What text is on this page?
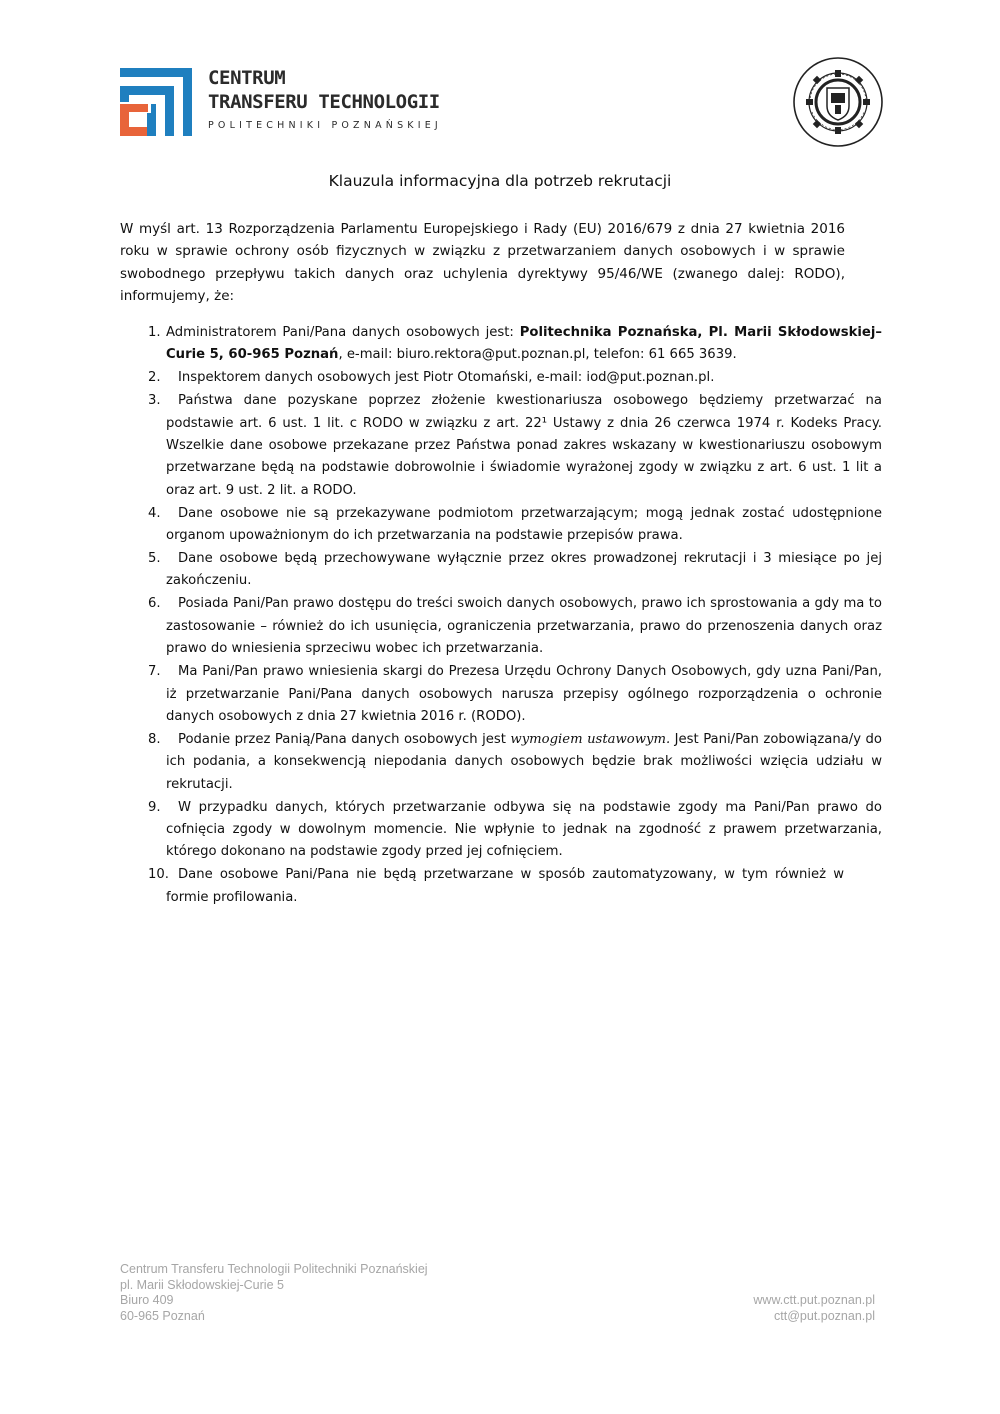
CENTRUM
TRANSFERU TECHNOLOGII
POLITECHNIKI POZNAŃSKIEJ
Klauzula informacyjna dla potrzeb rekrutacji
W myśl art. 13 Rozporządzenia Parlamentu Europejskiego i Rady (EU) 2016/679 z dnia 27 kwietnia 2016 roku w sprawie ochrony osób fizycznych w związku z przetwarzaniem danych osobowych i w sprawie swobodnego przepływu takich danych oraz uchylenia dyrektywy 95/46/WE (zwanego dalej: RODO), informujemy, że:
1. Administratorem Pani/Pana danych osobowych jest: Politechnika Poznańska, Pl. Marii Skłodowskiej–Curie 5, 60-965 Poznań, e-mail: biuro.rektora@put.poznan.pl, telefon: 61 665 3639.
2. Inspektorem danych osobowych jest Piotr Otomański, e-mail: iod@put.poznan.pl.
3. Państwa dane pozyskane poprzez złożenie kwestionariusza osobowego będziemy przetwarzać na podstawie art. 6 ust. 1 lit. c RODO w związku z art. 22¹ Ustawy z dnia 26 czerwca 1974 r. Kodeks Pracy. Wszelkie dane osobowe przekazane przez Państwa ponad zakres wskazany w kwestionariuszu osobowym przetwarzane będą na podstawie dobrowolnie i świadomie wyrażonej zgody w związku z art. 6 ust. 1 lit a oraz art. 9 ust. 2 lit. a RODO.
4. Dane osobowe nie są przekazywane podmiotom przetwarzającym; mogą jednak zostać udostępnione organom upoważnionym do ich przetwarzania na podstawie przepisów prawa.
5. Dane osobowe będą przechowywane wyłącznie przez okres prowadzonej rekrutacji i 3 miesiące po jej zakończeniu.
6. Posiada Pani/Pan prawo dostępu do treści swoich danych osobowych, prawo ich sprostowania a gdy ma to zastosowanie – również do ich usunięcia, ograniczenia przetwarzania, prawo do przenoszenia danych oraz prawo do wniesienia sprzeciwu wobec ich przetwarzania.
7. Ma Pani/Pan prawo wniesienia skargi do Prezesa Urzędu Ochrony Danych Osobowych, gdy uzna Pani/Pan, iż przetwarzanie Pani/Pana danych osobowych narusza przepisy ogólnego rozporządzenia o ochronie danych osobowych z dnia 27 kwietnia 2016 r. (RODO).
8. Podanie przez Panią/Pana danych osobowych jest wymogiem ustawowym. Jest Pani/Pan zobowiązana/y do ich podania, a konsekwencją niepodania danych osobowych będzie brak możliwości wzięcia udziału w rekrutacji.
9. W przypadku danych, których przetwarzanie odbywa się na podstawie zgody ma Pani/Pan prawo do cofnięcia zgody w dowolnym momencie. Nie wpłynie to jednak na zgodność z prawem przetwarzania, którego dokonano na podstawie zgody przed jej cofnięciem.
10. Dane osobowe Pani/Pana nie będą przetwarzane w sposób zautomatyzowany, w tym również w formie profilowania.
Centrum Transferu Technologii Politechniki Poznańskiej
pl. Marii Skłodowskiej-Curie 5
Biuro 409
60-965 Poznań
www.ctt.put.poznan.pl
ctt@put.poznan.pl
